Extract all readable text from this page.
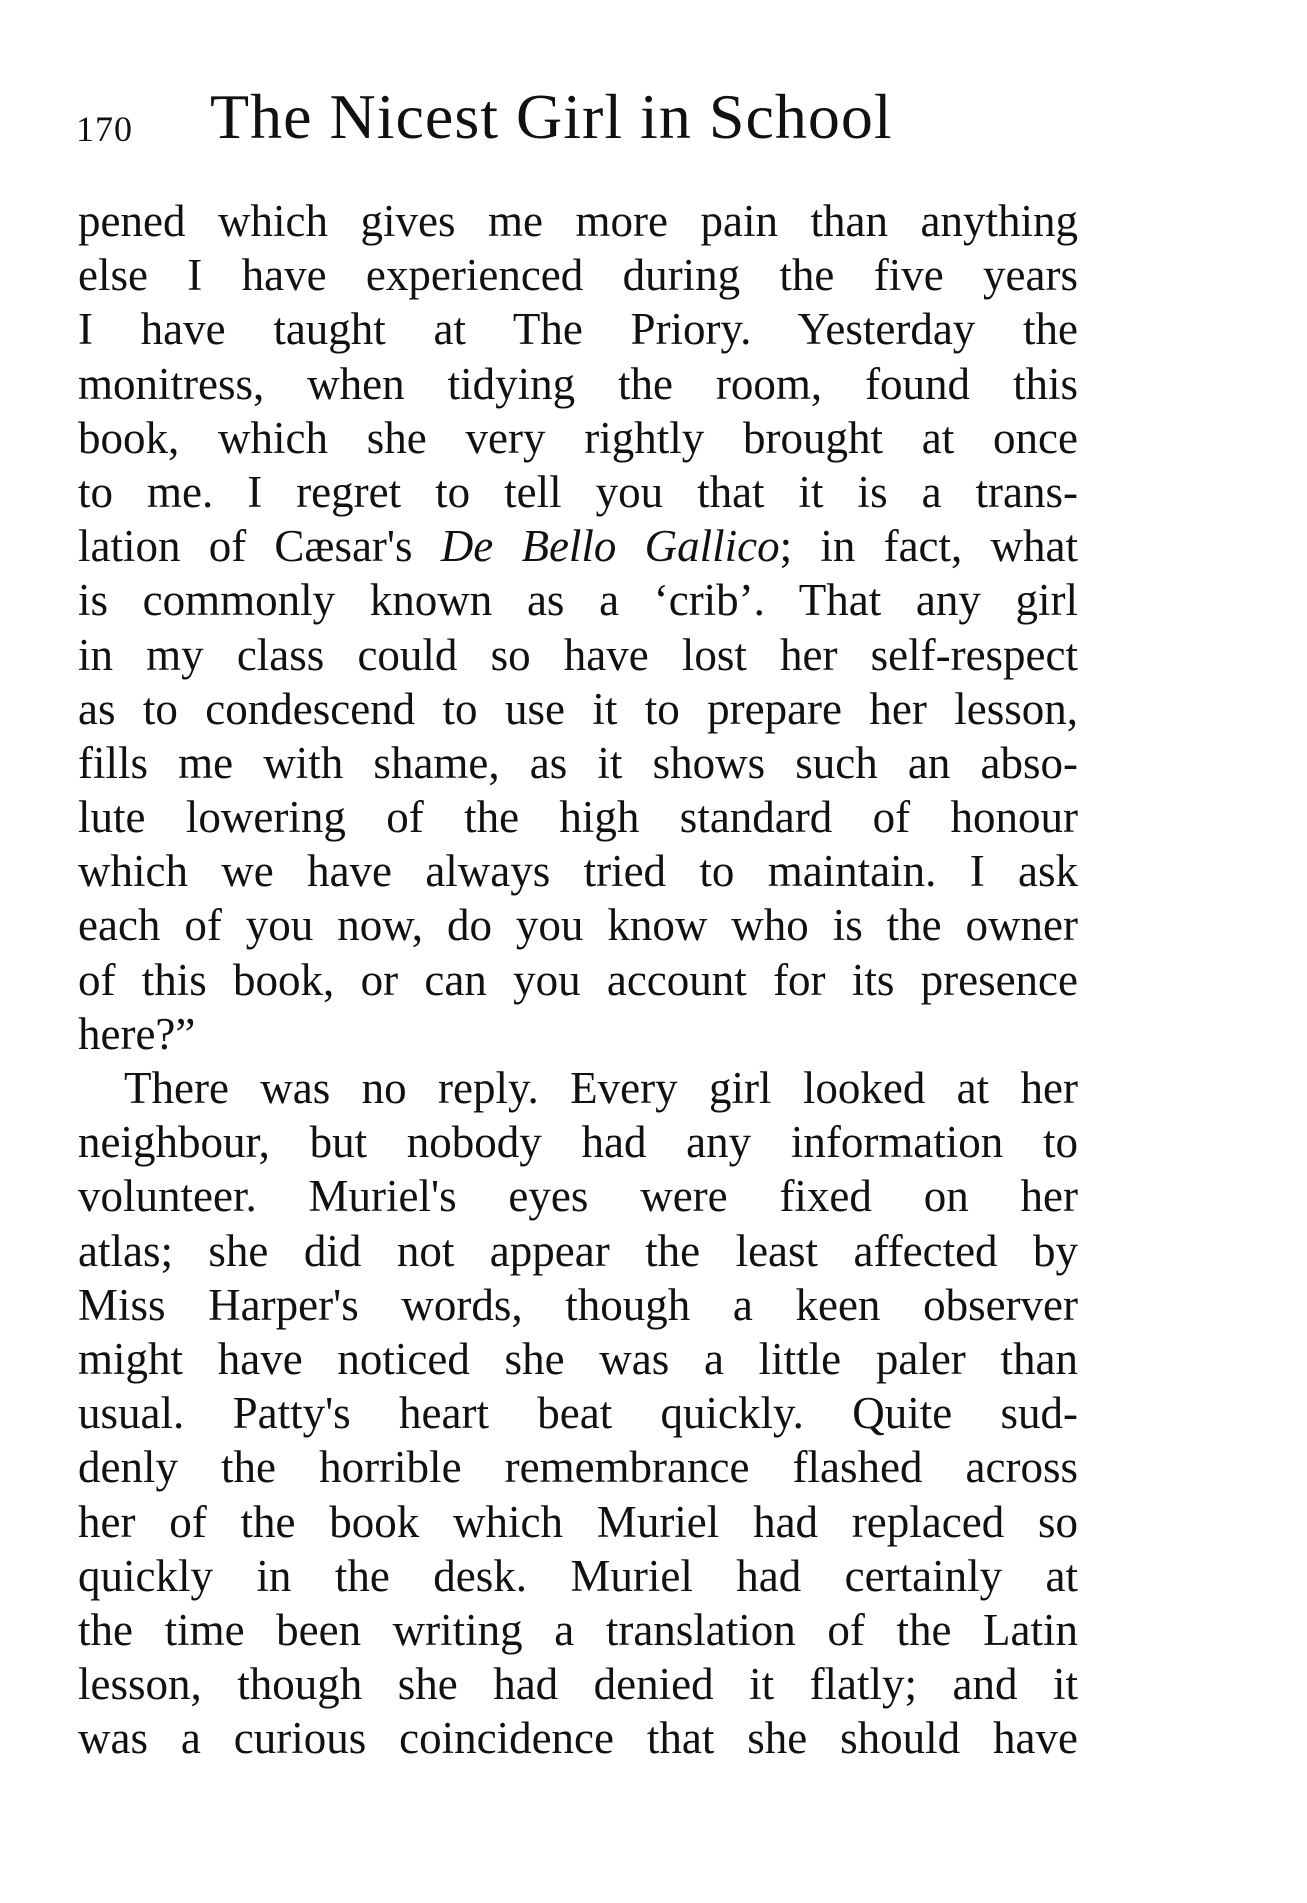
170 The Nicest Girl in School
pened which gives me more pain than anything
else I have experienced during the five years
I have taught at The Priory. Yesterday the
monitress, when tidying the room, found this
book, which she very rightly brought at once
to me. I regret to tell you that it is a trans-
lation of Cæsar's De Bello Gallico; in fact, what
is commonly known as a ‘crib’. That any girl
in my class could so have lost her self-respect
as to condescend to use it to prepare her lesson,
fills me with shame, as it shows such an abso-
lute lowering of the high standard of honour
which we have always tried to maintain. I ask
each of you now, do you know who is the owner
of this book, or can you account for its presence
here?”
There was no reply. Every girl looked at her
neighbour, but nobody had any information to
volunteer. Muriel's eyes were fixed on her
atlas; she did not appear the least affected by
Miss Harper's words, though a keen observer
might have noticed she was a little paler than
usual. Patty's heart beat quickly. Quite sud-
denly the horrible remembrance flashed across
her of the book which Muriel had replaced so
quickly in the desk. Muriel had certainly at
the time been writing a translation of the Latin
lesson, though she had denied it flatly; and it
was a curious coincidence that she should have
